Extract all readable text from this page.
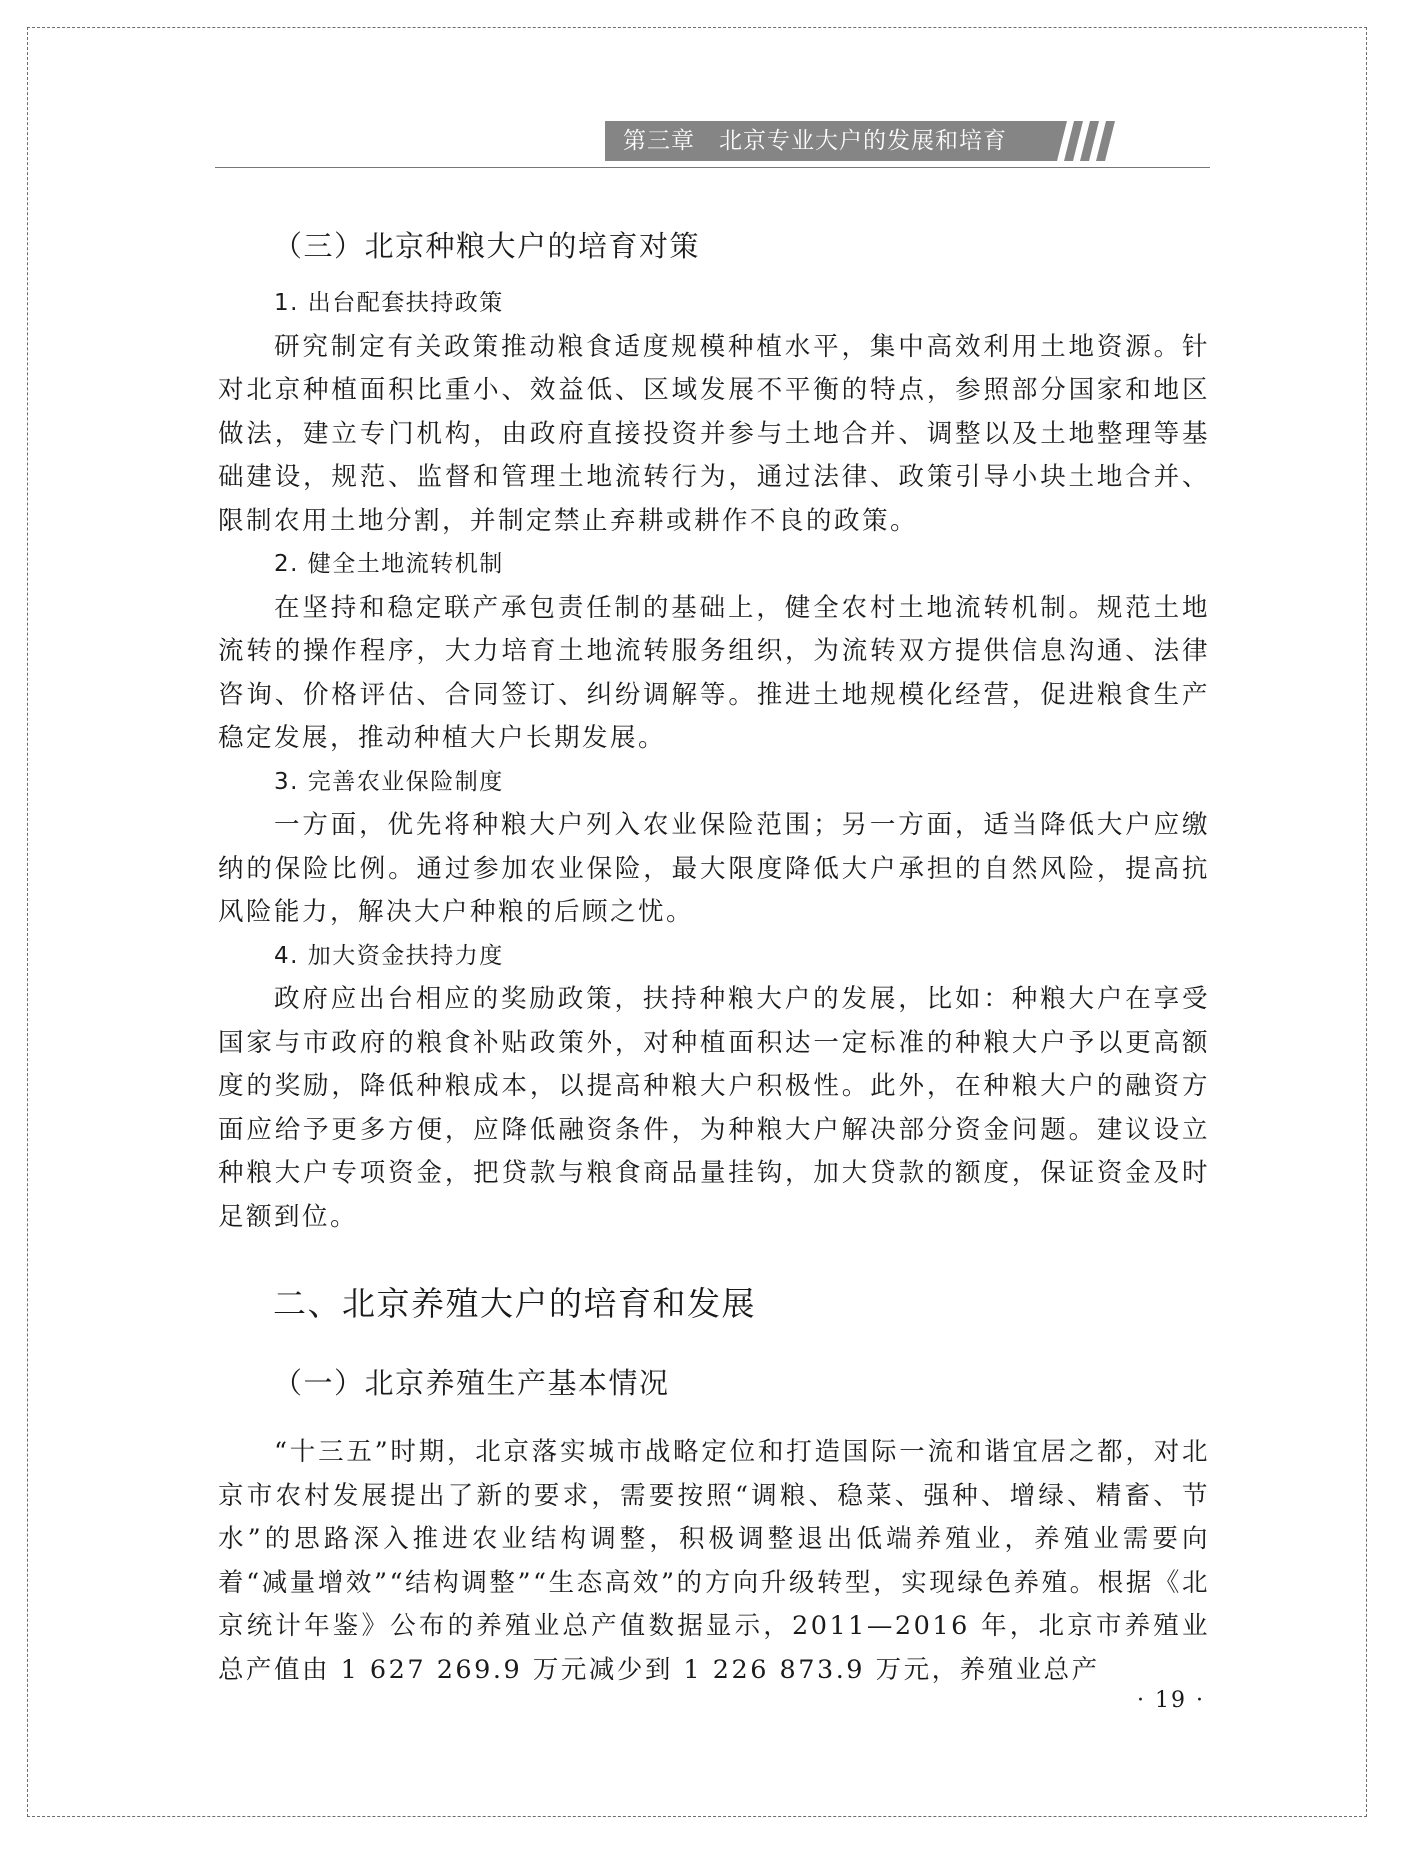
第三章　北京专业大户的发展和培育
（三）北京种粮大户的培育对策
1. 出台配套扶持政策

研究制定有关政策推动粮食适度规模种植水平，集中高效利用土地资源。针对北京种植面积比重小、效益低、区域发展不平衡的特点，参照部分国家和地区做法，建立专门机构，由政府直接投资并参与土地合并、调整以及土地整理等基础建设，规范、监督和管理土地流转行为，通过法律、政策引导小块土地合并、限制农用土地分割，并制定禁止弃耕或耕作不良的政策。

2. 健全土地流转机制

在坚持和稳定联产承包责任制的基础上，健全农村土地流转机制。规范土地流转的操作程序，大力培育土地流转服务组织，为流转双方提供信息沟通、法律咨询、价格评估、合同签订、纠纷调解等。推进土地规模化经营，促进粮食生产稳定发展，推动种植大户长期发展。

3. 完善农业保险制度

一方面，优先将种粮大户列入农业保险范围；另一方面，适当降低大户应缴纳的保险比例。通过参加农业保险，最大限度降低大户承担的自然风险，提高抗风险能力，解决大户种粮的后顾之忧。

4. 加大资金扶持力度

政府应出台相应的奖励政策，扶持种粮大户的发展，比如：种粮大户在享受国家与市政府的粮食补贴政策外，对种植面积达一定标准的种粮大户予以更高额度的奖励，降低种粮成本，以提高种粮大户积极性。此外，在种粮大户的融资方面应给予更多方便，应降低融资条件，为种粮大户解决部分资金问题。建议设立种粮大户专项资金，把贷款与粮食商品量挂钩，加大贷款的额度，保证资金及时足额到位。

二、北京养殖大户的培育和发展
（一）北京养殖生产基本情况

“十三五”时期，北京落实城市战略定位和打造国际一流和谐宜居之都，对北京市农村发展提出了新的要求，需要按照“调粮、稳菜、强种、增绿、精畜、节水”的思路深入推进农业结构调整，积极调整退出低端养殖业，养殖业需要向着“减量增效”“结构调整”“生态高效”的方向升级转型，实现绿色养殖。根据《北京统计年鉴》公布的养殖业总产值数据显示，2011—2016 年，北京市养殖业总产值由 1 627 269.9 万元减少到 1 226 873.9 万元，养殖业总产

· 19 ·
